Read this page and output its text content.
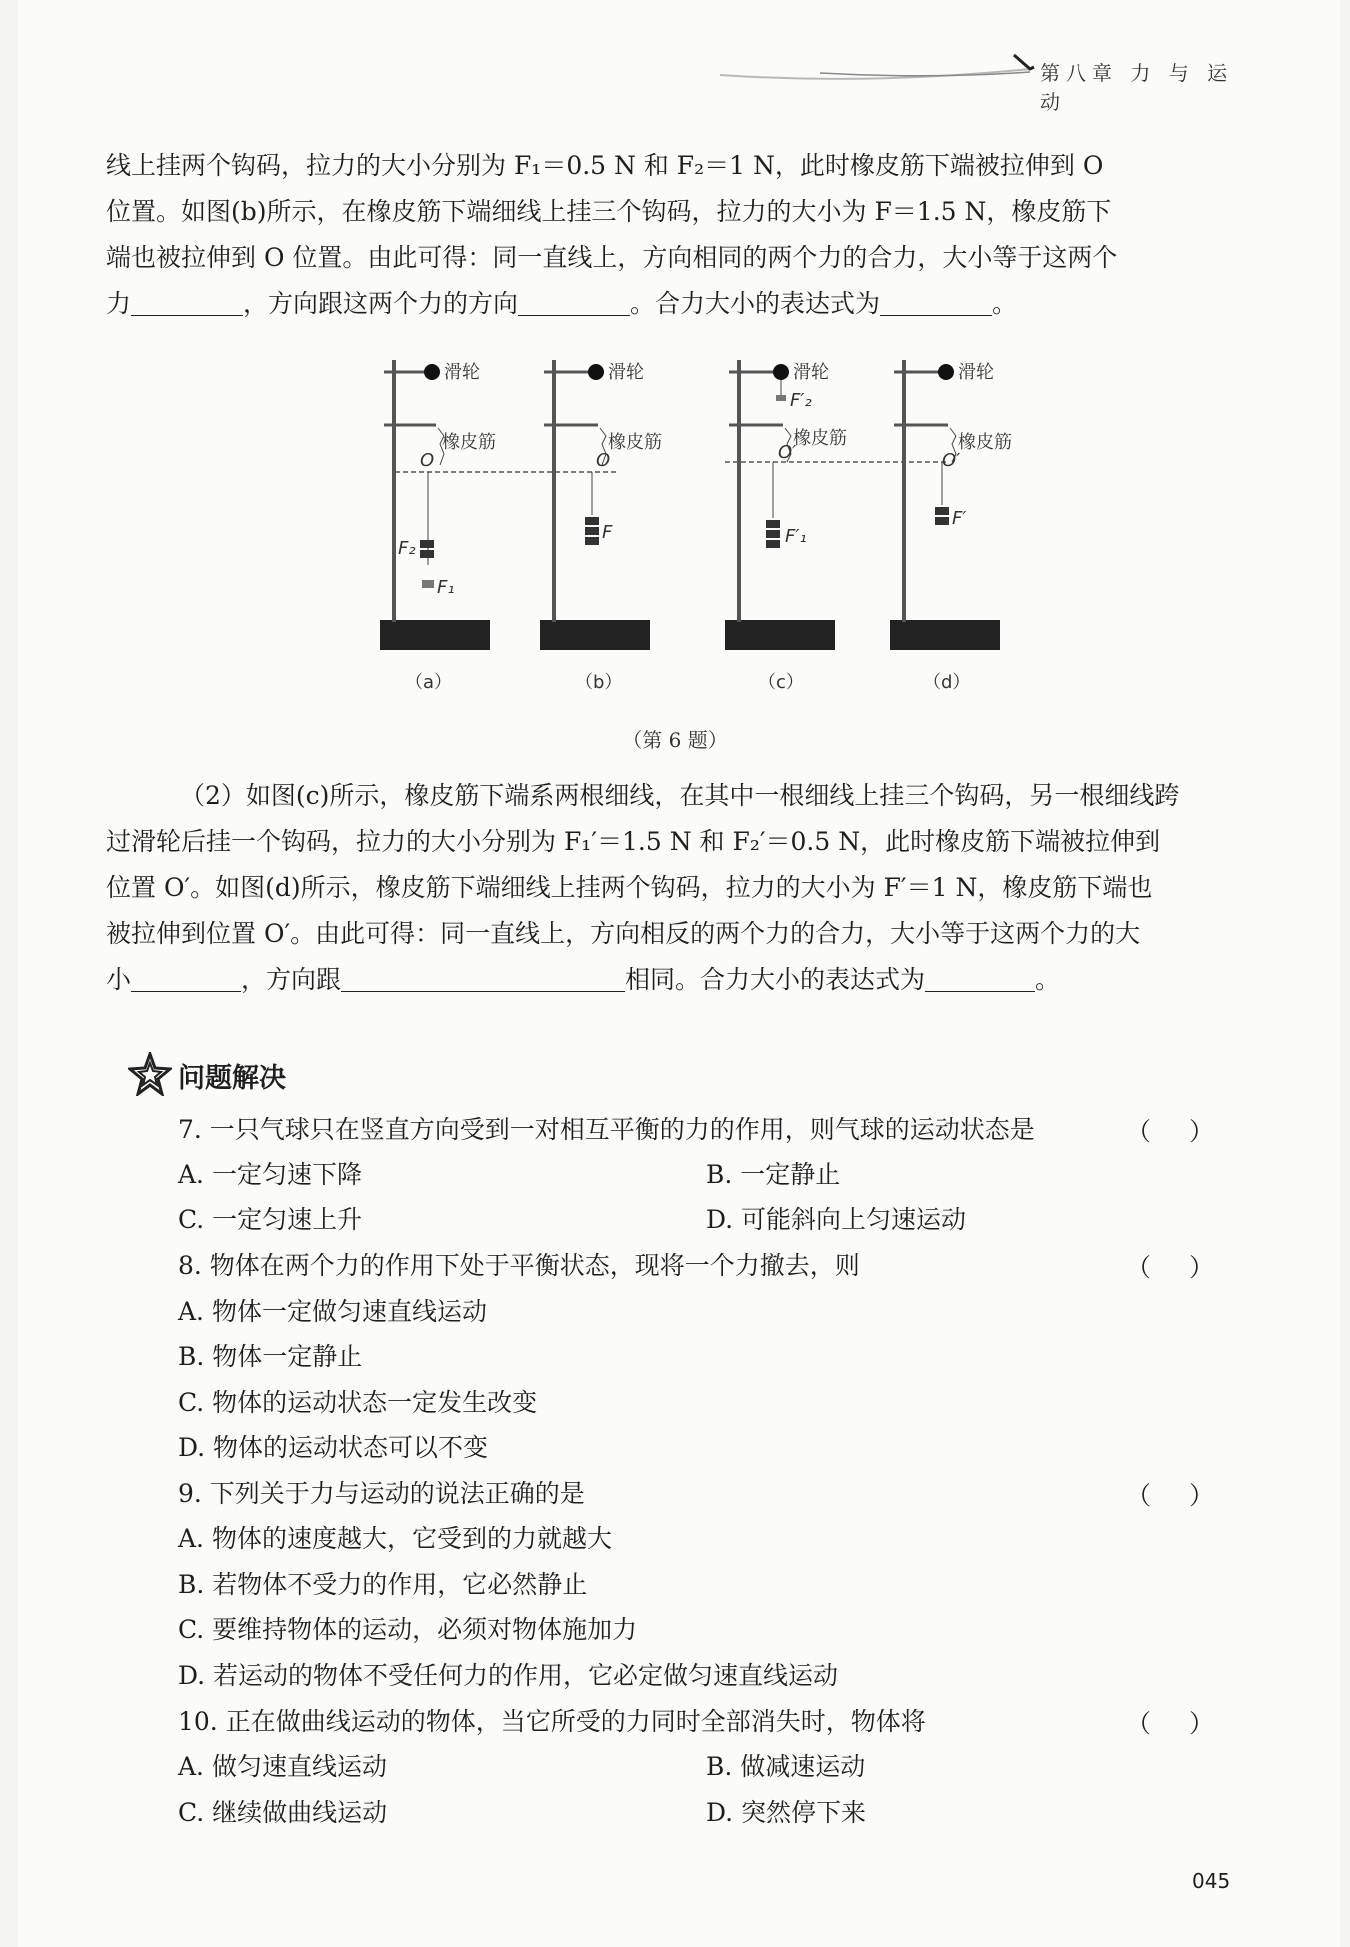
第八章 力 与 运 动
线上挂两个钩码，拉力的大小分别为 F₁＝0.5 N 和 F₂＝1 N，此时橡皮筋下端被拉伸到 O
位置。如图(b)所示，在橡皮筋下端细线上挂三个钩码，拉力的大小为 F＝1.5 N，橡皮筋下
端也被拉伸到 O 位置。由此可得：同一直线上，方向相同的两个力的合力，大小等于这两个
力	，方向跟这两个力的方向	。合力大小的表达式为	。
滑轮	滑轮	滑轮	滑轮
橡皮筋	橡皮筋	橡皮筋
O	O	O′	O′
橡皮筋
F₂
F₁
F
F′₂
F′₁
F′
（a）	（b）	（c）	（d）
（第 6 题）
（2）如图(c)所示，橡皮筋下端系两根细线，在其中一根细线上挂三个钩码，另一根细线跨
过滑轮后挂一个钩码，拉力的大小分别为 F₁′＝1.5 N 和 F₂′＝0.5 N，此时橡皮筋下端被拉伸到
位置 O′。如图(d)所示，橡皮筋下端细线上挂两个钩码，拉力的大小为 F′＝1 N，橡皮筋下端也
被拉伸到位置 O′。由此可得：同一直线上，方向相反的两个力的合力，大小等于这两个力的大
小	，方向跟	相同。合力大小的表达式为	。
问题解决
7. 一只气球只在竖直方向受到一对相互平衡的力的作用，则气球的运动状态是	（）
A. 一定匀速下降	B. 一定静止
C. 一定匀速上升	D. 可能斜向上匀速运动
8. 物体在两个力的作用下处于平衡状态，现将一个力撤去，则	（）
A. 物体一定做匀速直线运动
B. 物体一定静止
C. 物体的运动状态一定发生改变
D. 物体的运动状态可以不变
9. 下列关于力与运动的说法正确的是	（）
A. 物体的速度越大，它受到的力就越大
B. 若物体不受力的作用，它必然静止
C. 要维持物体的运动，必须对物体施加力
D. 若运动的物体不受任何力的作用，它必定做匀速直线运动
10. 正在做曲线运动的物体，当它所受的力同时全部消失时，物体将	（）
A. 做匀速直线运动	B. 做减速运动
C. 继续做曲线运动	D. 突然停下来
045
